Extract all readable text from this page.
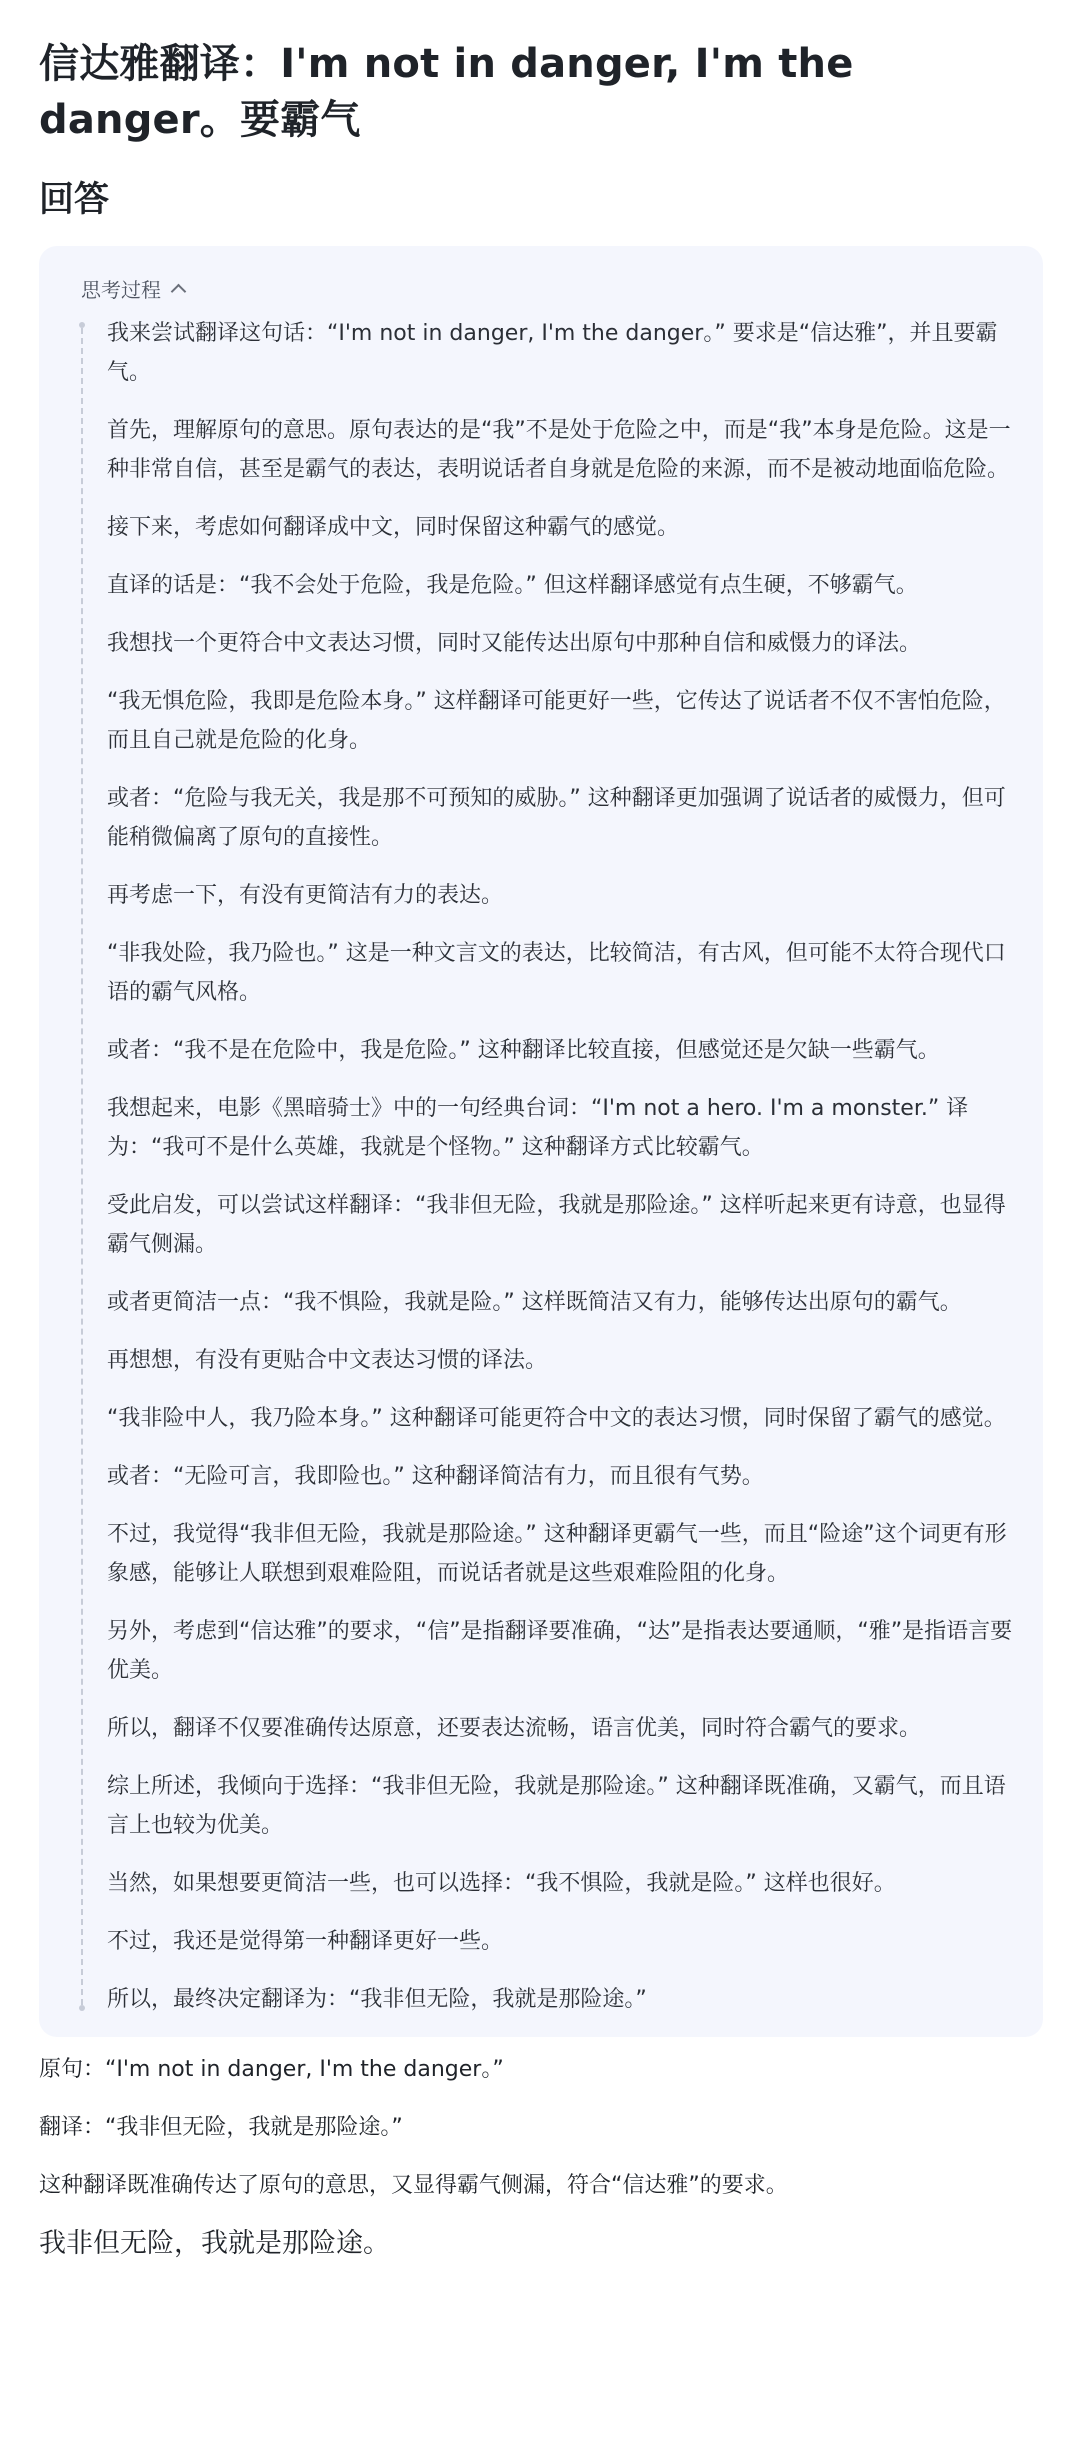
信达雅翻译：I'm not in danger, I'm the danger。要霸气
回答
思考过程

我来尝试翻译这句话：“I'm not in danger, I'm the danger。” 要求是“信达雅”，并且要霸气。

首先，理解原句的意思。原句表达的是“我”不是处于危险之中，而是“我”本身是危险。这是一种非常自信，甚至是霸气的表达，表明说话者自身就是危险的来源，而不是被动地面临危险。

接下来，考虑如何翻译成中文，同时保留这种霸气的感觉。

直译的话是：“我不会处于危险，我是危险。” 但这样翻译感觉有点生硬，不够霸气。

我想找一个更符合中文表达习惯，同时又能传达出原句中那种自信和威慑力的译法。

“我无惧危险，我即是危险本身。” 这样翻译可能更好一些，它传达了说话者不仅不害怕危险，而且自己就是危险的化身。

或者：“危险与我无关，我是那不可预知的威胁。” 这种翻译更加强调了说话者的威慑力，但可能稍微偏离了原句的直接性。

再考虑一下，有没有更简洁有力的表达。

“非我处险，我乃险也。” 这是一种文言文的表达，比较简洁，有古风，但可能不太符合现代口语的霸气风格。

或者：“我不是在危险中，我是危险。” 这种翻译比较直接，但感觉还是欠缺一些霸气。

我想起来，电影《黑暗骑士》中的一句经典台词：“I'm not a hero. I'm a monster.” 译为：“我可不是什么英雄，我就是个怪物。” 这种翻译方式比较霸气。

受此启发，可以尝试这样翻译：“我非但无险，我就是那险途。” 这样听起来更有诗意，也显得霸气侧漏。

或者更简洁一点：“我不惧险，我就是险。” 这样既简洁又有力，能够传达出原句的霸气。

再想想，有没有更贴合中文表达习惯的译法。

“我非险中人，我乃险本身。” 这种翻译可能更符合中文的表达习惯，同时保留了霸气的感觉。

或者：“无险可言，我即险也。” 这种翻译简洁有力，而且很有气势。

不过，我觉得“我非但无险，我就是那险途。” 这种翻译更霸气一些，而且“险途”这个词更有形象感，能够让人联想到艰难险阻，而说话者就是这些艰难险阻的化身。

另外，考虑到“信达雅”的要求，“信”是指翻译要准确，“达”是指表达要通顺，“雅”是指语言要优美。

所以，翻译不仅要准确传达原意，还要表达流畅，语言优美，同时符合霸气的要求。

综上所述，我倾向于选择：“我非但无险，我就是那险途。” 这种翻译既准确，又霸气，而且语言上也较为优美。

当然，如果想要更简洁一些，也可以选择：“我不惧险，我就是险。” 这样也很好。

不过，我还是觉得第一种翻译更好一些。

所以，最终决定翻译为：“我非但无险，我就是那险途。”

原句：“I'm not in danger, I'm the danger。”

翻译：“我非但无险，我就是那险途。”

这种翻译既准确传达了原句的意思，又显得霸气侧漏，符合“信达雅”的要求。

我非但无险，我就是那险途。
